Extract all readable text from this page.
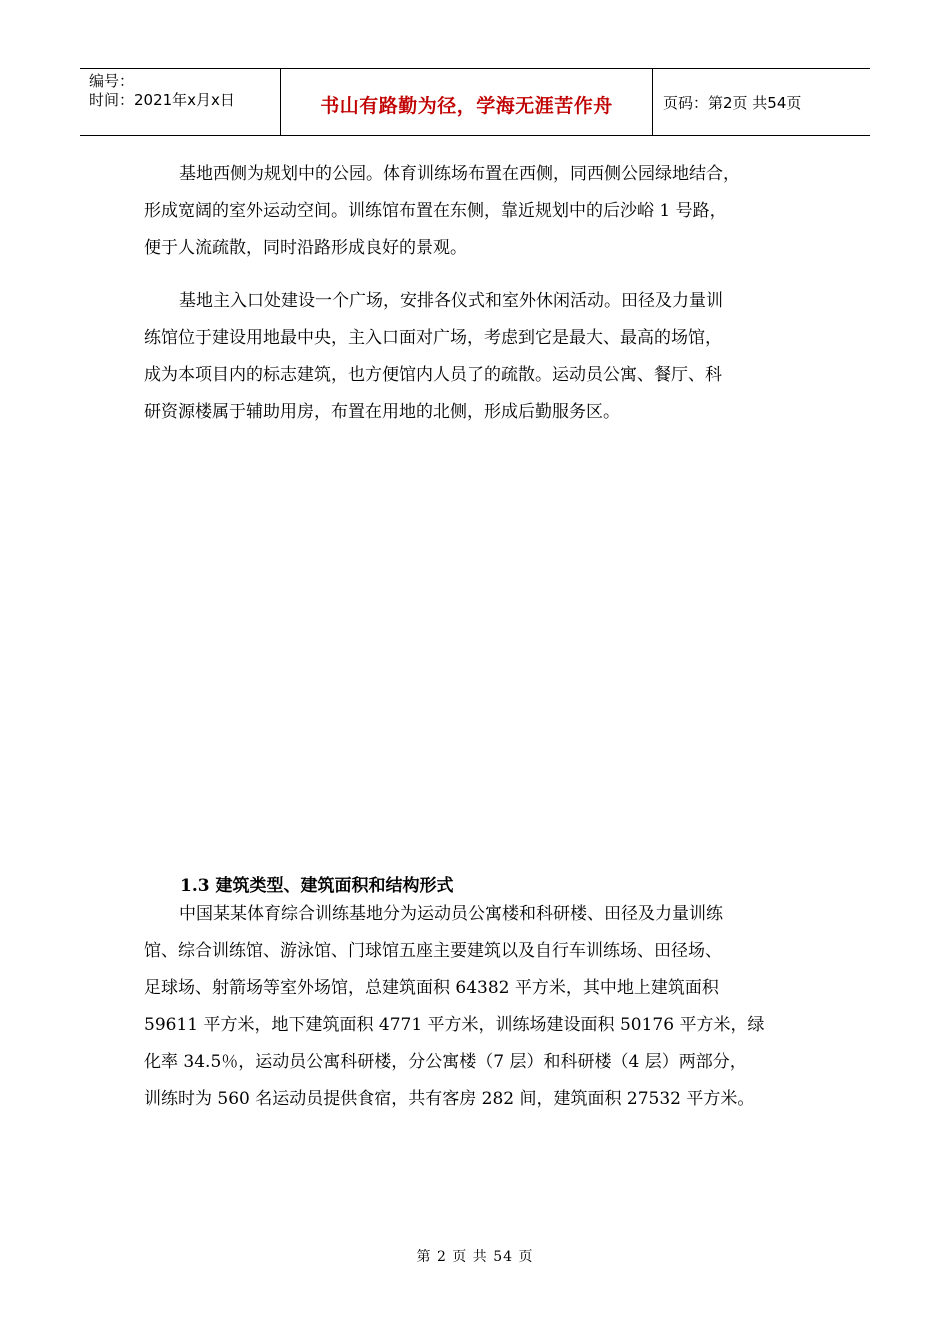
编号：
时间：2021年x月x日	书山有路勤为径，学海无涯苦作舟	页码：第2页 共54页
基地西侧为规划中的公园。体育训练场布置在西侧，同西侧公园绿地结合，
形成宽阔的室外运动空间。训练馆布置在东侧，靠近规划中的后沙峪 1 号路，
便于人流疏散，同时沿路形成良好的景观。
基地主入口处建设一个广场，安排各仪式和室外休闲活动。田径及力量训
练馆位于建设用地最中央，主入口面对广场，考虑到它是最大、最高的场馆，
成为本项目内的标志建筑，也方便馆内人员了的疏散。运动员公寓、餐厅、科
研资源楼属于辅助用房，布置在用地的北侧，形成后勤服务区。
1.3 建筑类型、建筑面积和结构形式
中国某某体育综合训练基地分为运动员公寓楼和科研楼、田径及力量训练
馆、综合训练馆、游泳馆、门球馆五座主要建筑以及自行车训练场、田径场、
足球场、射箭场等室外场馆，总建筑面积 64382 平方米，其中地上建筑面积
59611 平方米，地下建筑面积 4771 平方米，训练场建设面积 50176 平方米，绿
化率 34.5％，运动员公寓科研楼，分公寓楼（7 层）和科研楼（4 层）两部分，
训练时为 560 名运动员提供食宿，共有客房 282 间，建筑面积 27532 平方米。
第 2 页 共 54 页
